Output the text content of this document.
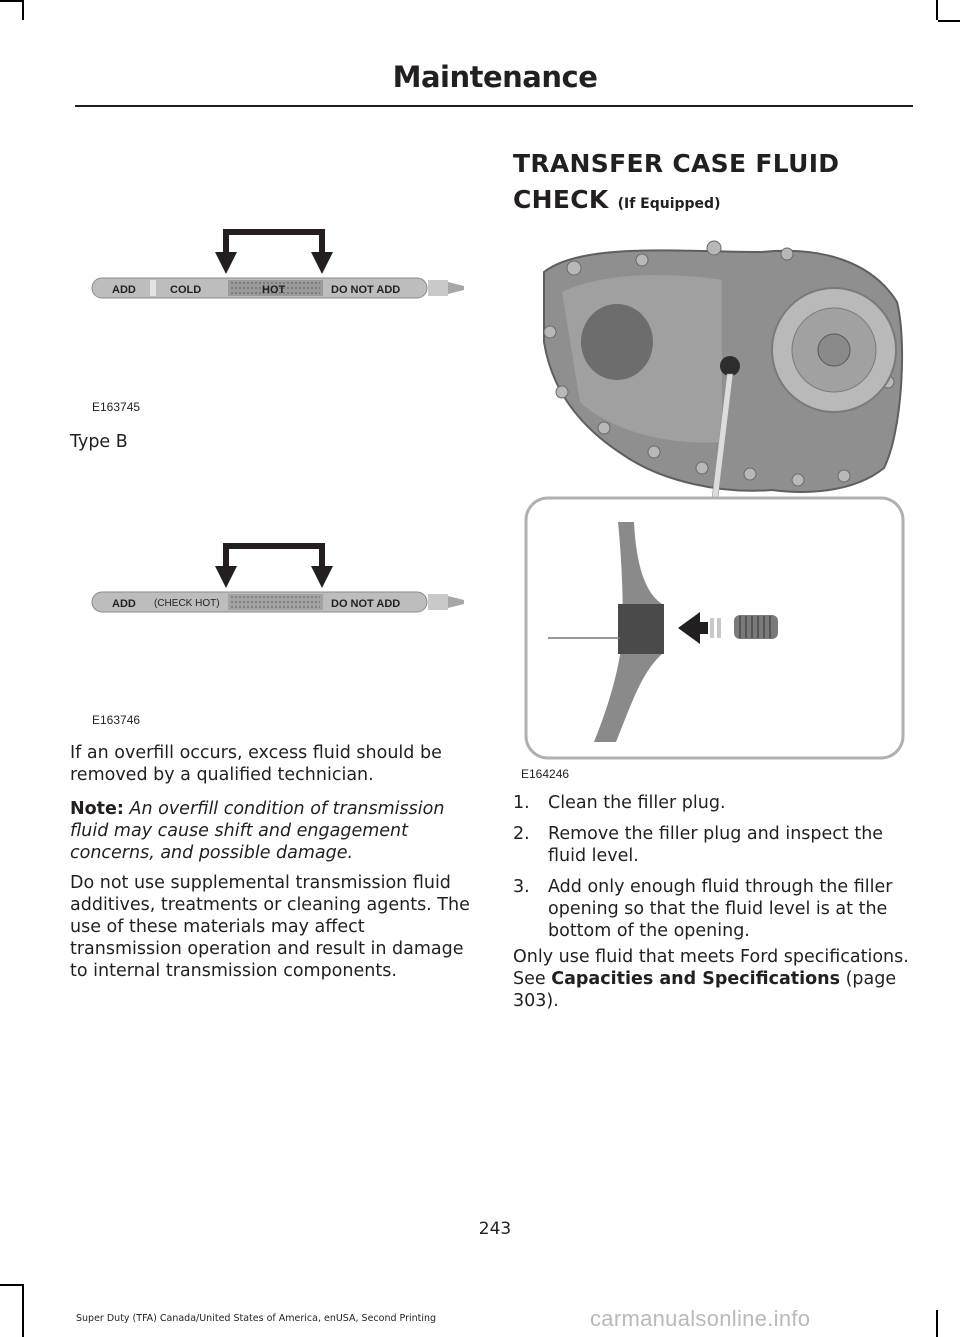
Maintenance
ADD	COLD	HOT	DO NOT ADD
E163745

Type B

ADD (CHECK HOT)	DO NOT ADD
E163746

If an overfill occurs, excess fluid should be removed by a qualified technician.

Note: An overfill condition of transmission fluid may cause shift and engagement concerns, and possible damage.

Do not use supplemental transmission fluid additives, treatments or cleaning agents. The use of these materials may affect transmission operation and result in damage to internal transmission components.

TRANSFER CASE FLUID
CHECK (If Equipped)
E164246
1. Clean the filler plug.
2. Remove the filler plug and inspect the fluid level.
3. Add only enough fluid through the filler opening so that the fluid level is at the bottom of the opening.

Only use fluid that meets Ford specifications. See Capacities and Specifications (page 303).

243
Super Duty (TFA) Canada/United States of America, enUSA, Second Printing	carmanualsonline.info
